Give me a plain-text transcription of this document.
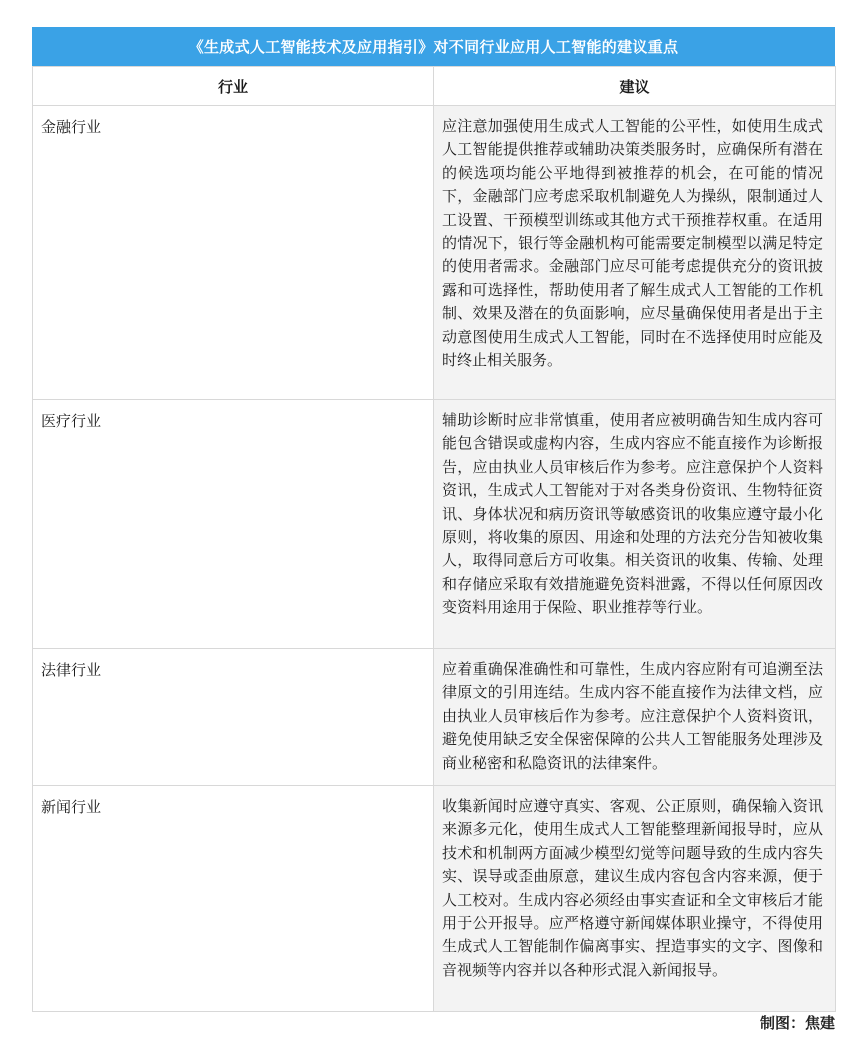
《生成式人工智能技术及应用指引》对不同行业应用人工智能的建议重点
行业	建议
金融行业	应注意加强使用生成式人工智能的公平性，如使用生成式人工智能提供推荐或辅助决策类服务时，应确保所有潜在的候选项均能公平地得到被推荐的机会，在可能的情况下，金融部门应考虑采取机制避免人为操纵，限制通过人工设置、干预模型训练或其他方式干预推荐权重。在适用的情况下，银行等金融机构可能需要定制模型以满足特定的使用者需求。金融部门应尽可能考虑提供充分的资讯披露和可选择性，帮助使用者了解生成式人工智能的工作机制、效果及潜在的负面影响，应尽量确保使用者是出于主动意图使用生成式人工智能，同时在不选择使用时应能及时终止相关服务。
医疗行业	辅助诊断时应非常慎重，使用者应被明确告知生成内容可能包含错误或虚构内容，生成内容应不能直接作为诊断报告，应由执业人员审核后作为参考。应注意保护个人资料资讯，生成式人工智能对于对各类身份资讯、生物特征资讯、身体状况和病历资讯等敏感资讯的收集应遵守最小化原则，将收集的原因、用途和处理的方法充分告知被收集人，取得同意后方可收集。相关资讯的收集、传输、处理和存储应采取有效措施避免资料泄露，不得以任何原因改变资料用途用于保险、职业推荐等行业。
法律行业	应着重确保准确性和可靠性，生成内容应附有可追溯至法律原文的引用连结。生成内容不能直接作为法律文档，应由执业人员审核后作为参考。应注意保护个人资料资讯，避免使用缺乏安全保密保障的公共人工智能服务处理涉及商业秘密和私隐资讯的法律案件。
新闻行业	收集新闻时应遵守真实、客观、公正原则，确保输入资讯来源多元化，使用生成式人工智能整理新闻报导时，应从技术和机制两方面减少模型幻觉等问题导致的生成内容失实、误导或歪曲原意，建议生成内容包含内容来源，便于人工校对。生成内容必须经由事实查证和全文审核后才能用于公开报导。应严格遵守新闻媒体职业操守，不得使用生成式人工智能制作偏离事实、捏造事实的文字、图像和音视频等内容并以各种形式混入新闻报导。
制图：焦建
